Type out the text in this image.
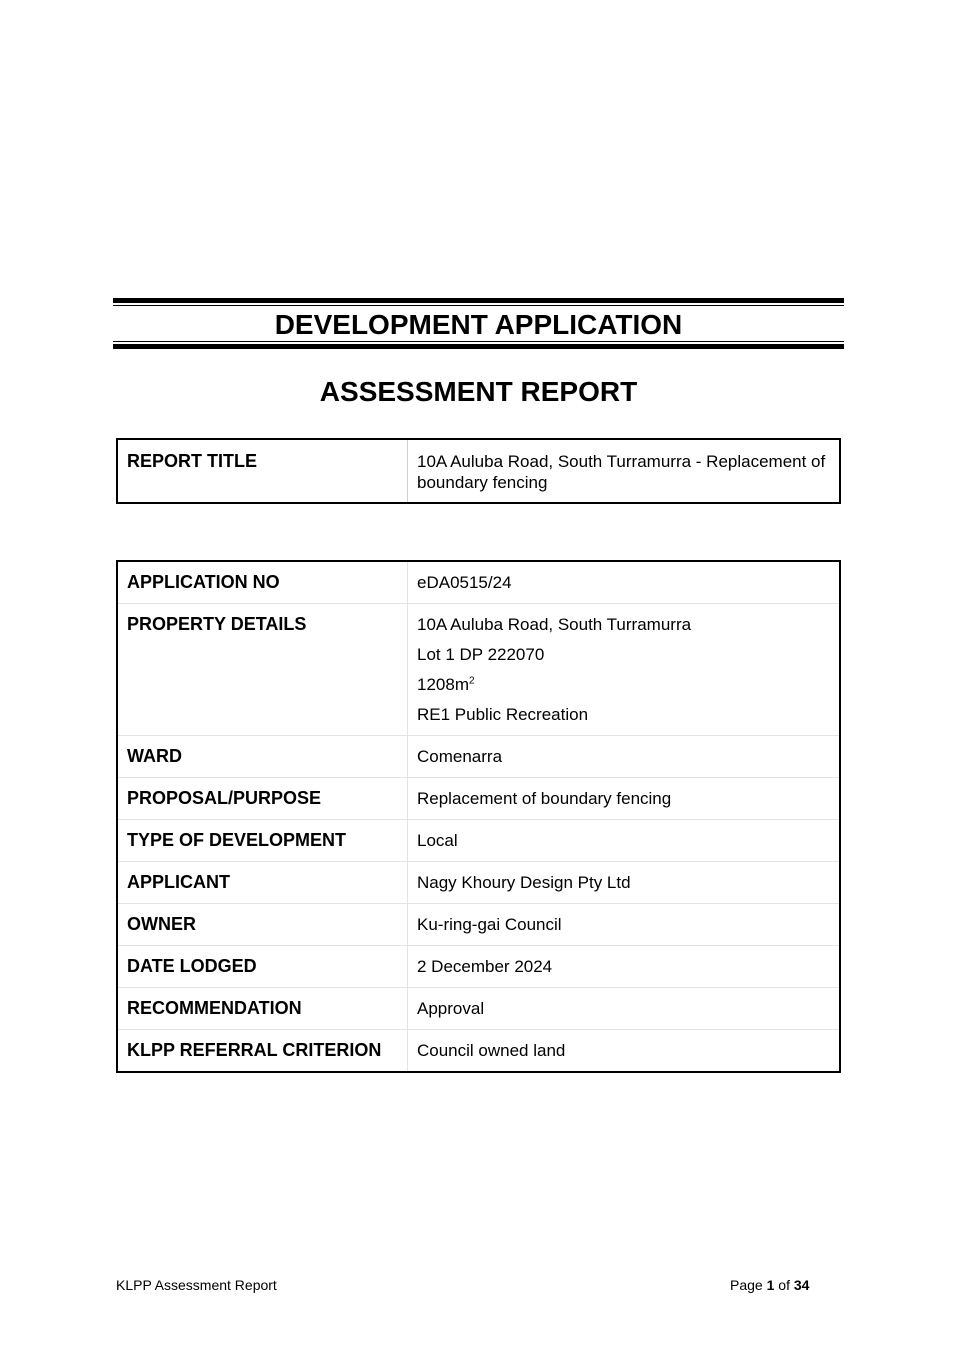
DEVELOPMENT APPLICATION
ASSESSMENT REPORT
REPORT TITLE	10A Auluba Road, South Turramurra - Replacement of boundary fencing
APPLICATION NO	eDA0515/24
PROPERTY DETAILS	10A Auluba Road, South Turramurra
Lot 1 DP 222070
$1208m^2$
RE1 Public Recreation

WARD	Comenarra
PROPOSAL/PURPOSE	Replacement of boundary fencing
TYPE OF DEVELOPMENT	Local
APPLICANT	Nagy Khoury Design Pty Ltd
OWNER	Ku-ring-gai Council
DATE LODGED	2 December 2024
RECOMMENDATION	Approval
KLPP REFERRAL CRITERION	Council owned land
KLPP Assessment Report	Page 1 of 34
